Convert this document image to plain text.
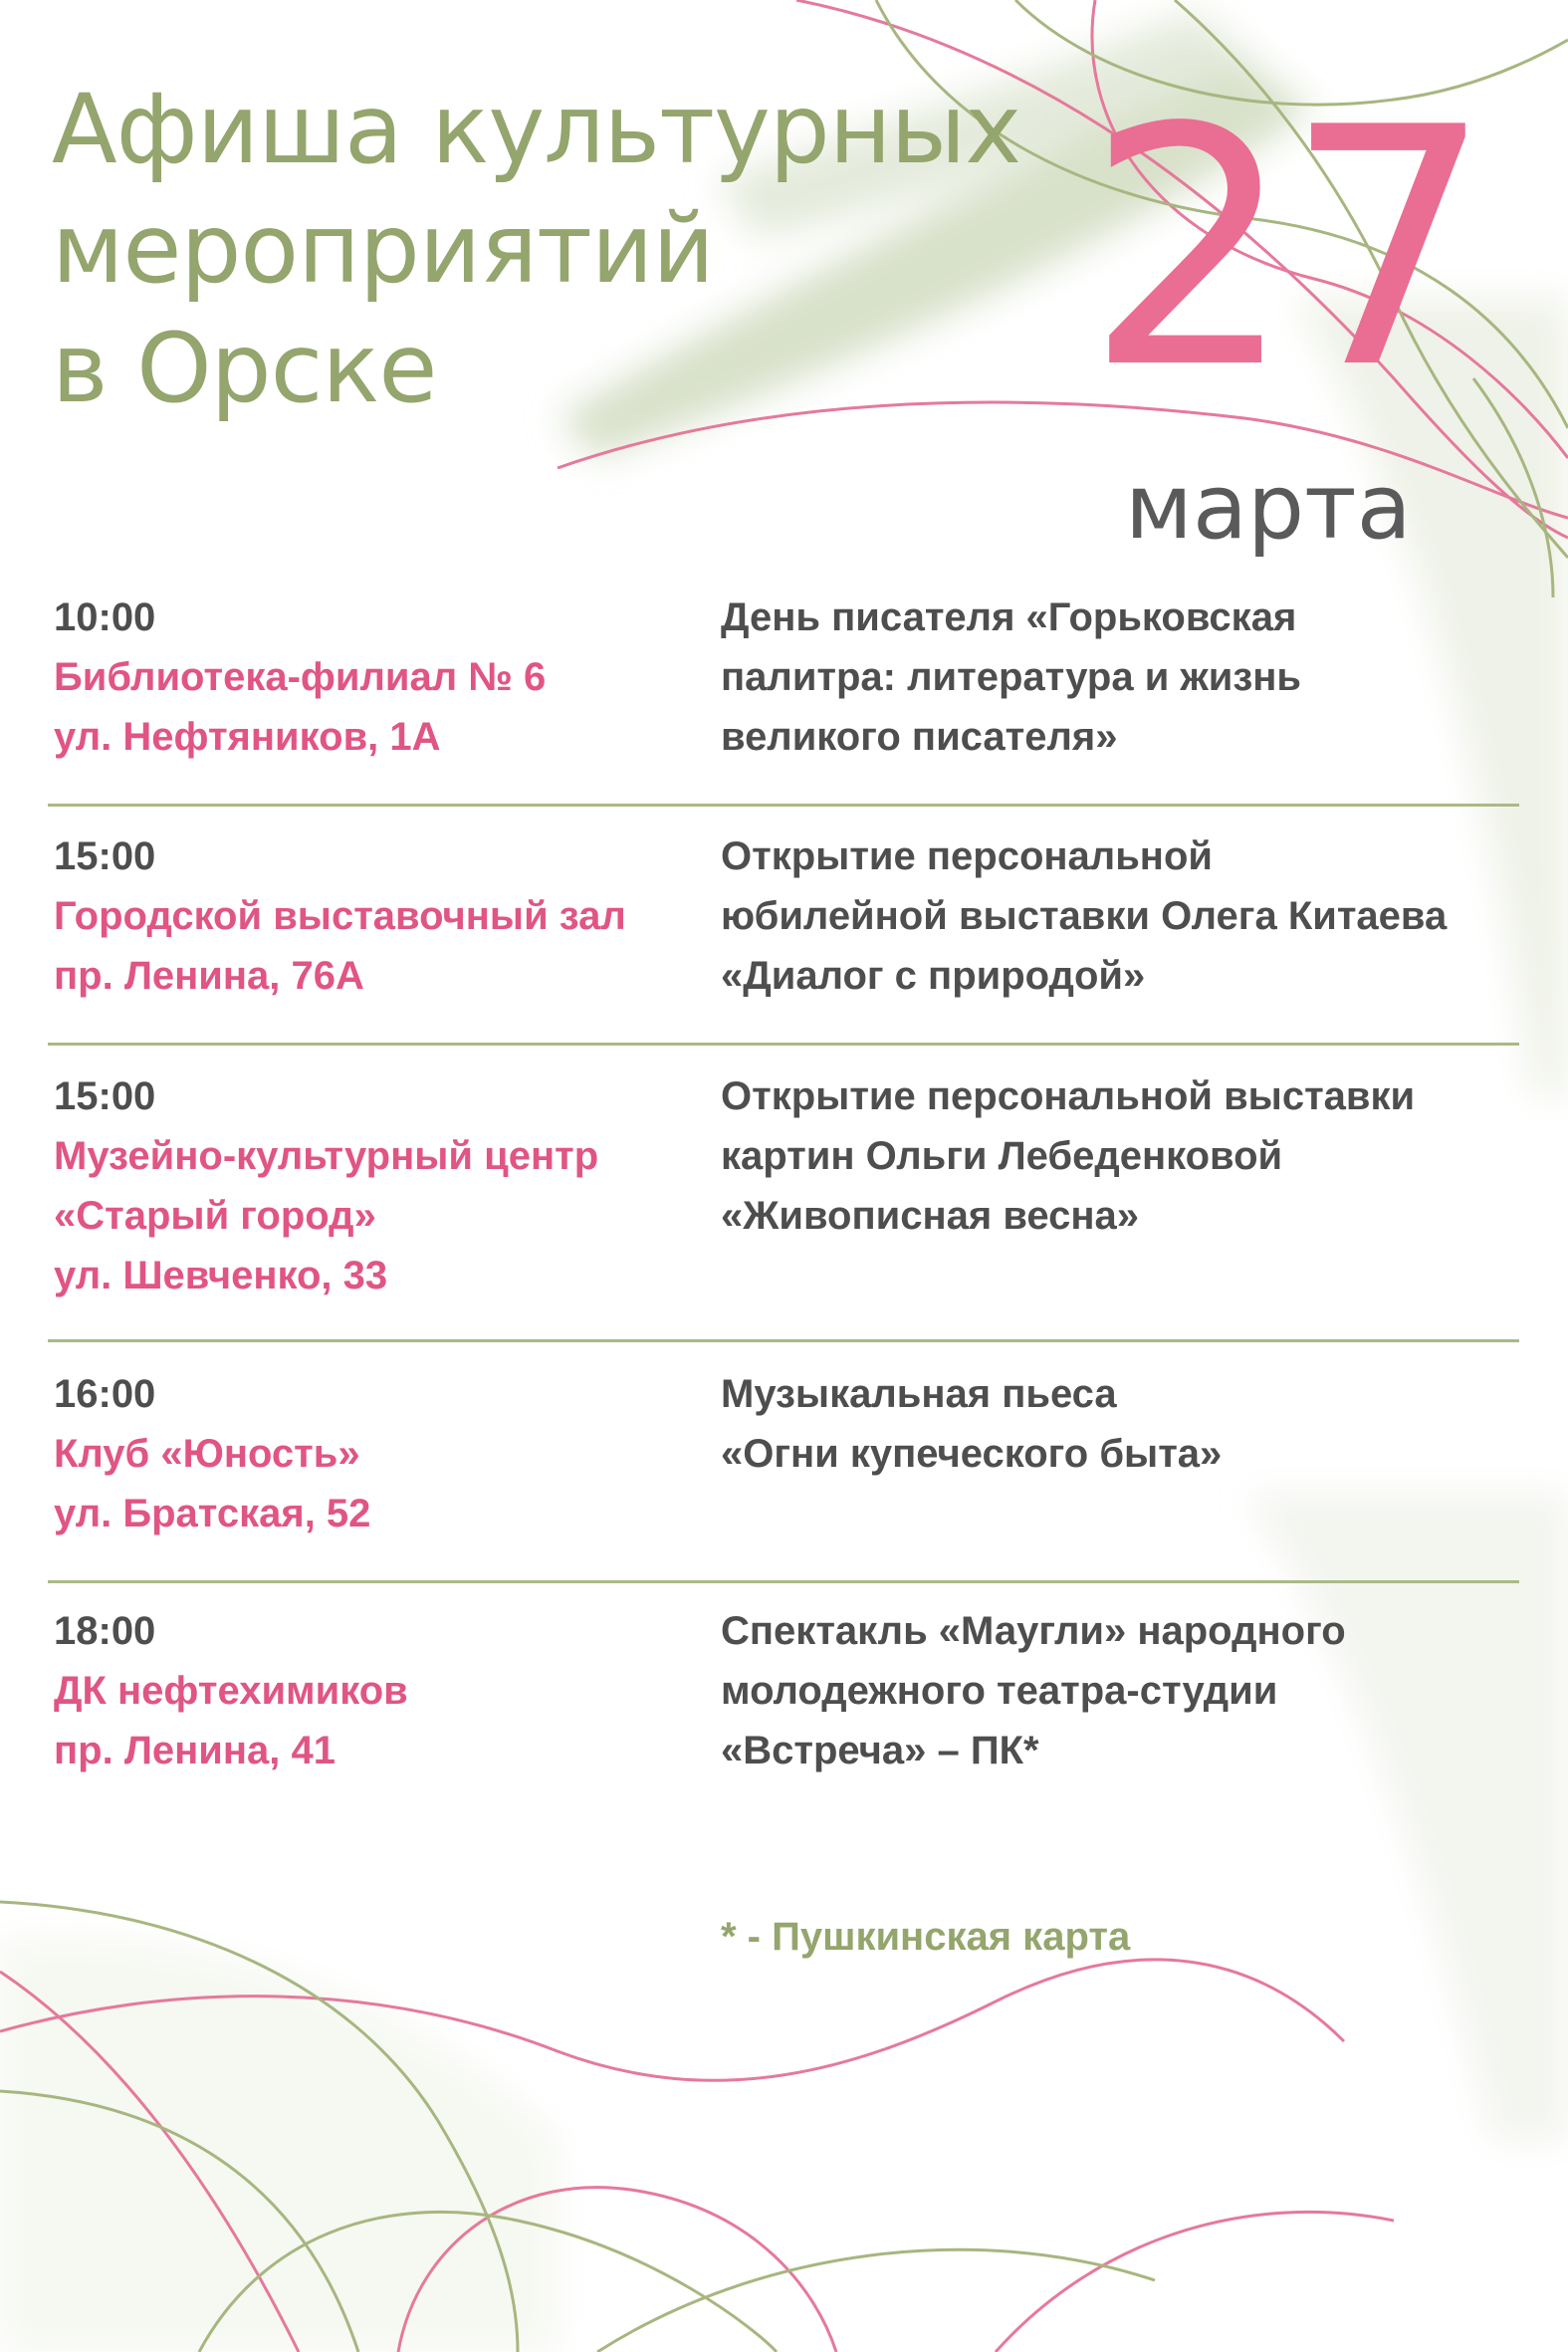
Афиша культурных
мероприятий
в Орске	27
марта
10:00
Библиотека-филиал № 6
ул. Нефтяников, 1А
День писателя «Горьковская
палитра: литература и жизнь
великого писателя»
15:00
Городской выставочный зал
пр. Ленина, 76А
Открытие персональной
юбилейной выставки Олега Китаева
«Диалог с природой»
15:00
Музейно-культурный центр
«Старый город»
ул. Шевченко, 33
Открытие персональной выставки
картин Ольги Лебеденковой
«Живописная весна»
16:00
Клуб «Юность»
ул. Братская, 52
Музыкальная пьеса
«Огни купеческого быта»
18:00
ДК нефтехимиков
пр. Ленина, 41
Спектакль «Маугли» народного
молодежного театра-студии
«Встреча» – ПК*
* - Пушкинская карта
